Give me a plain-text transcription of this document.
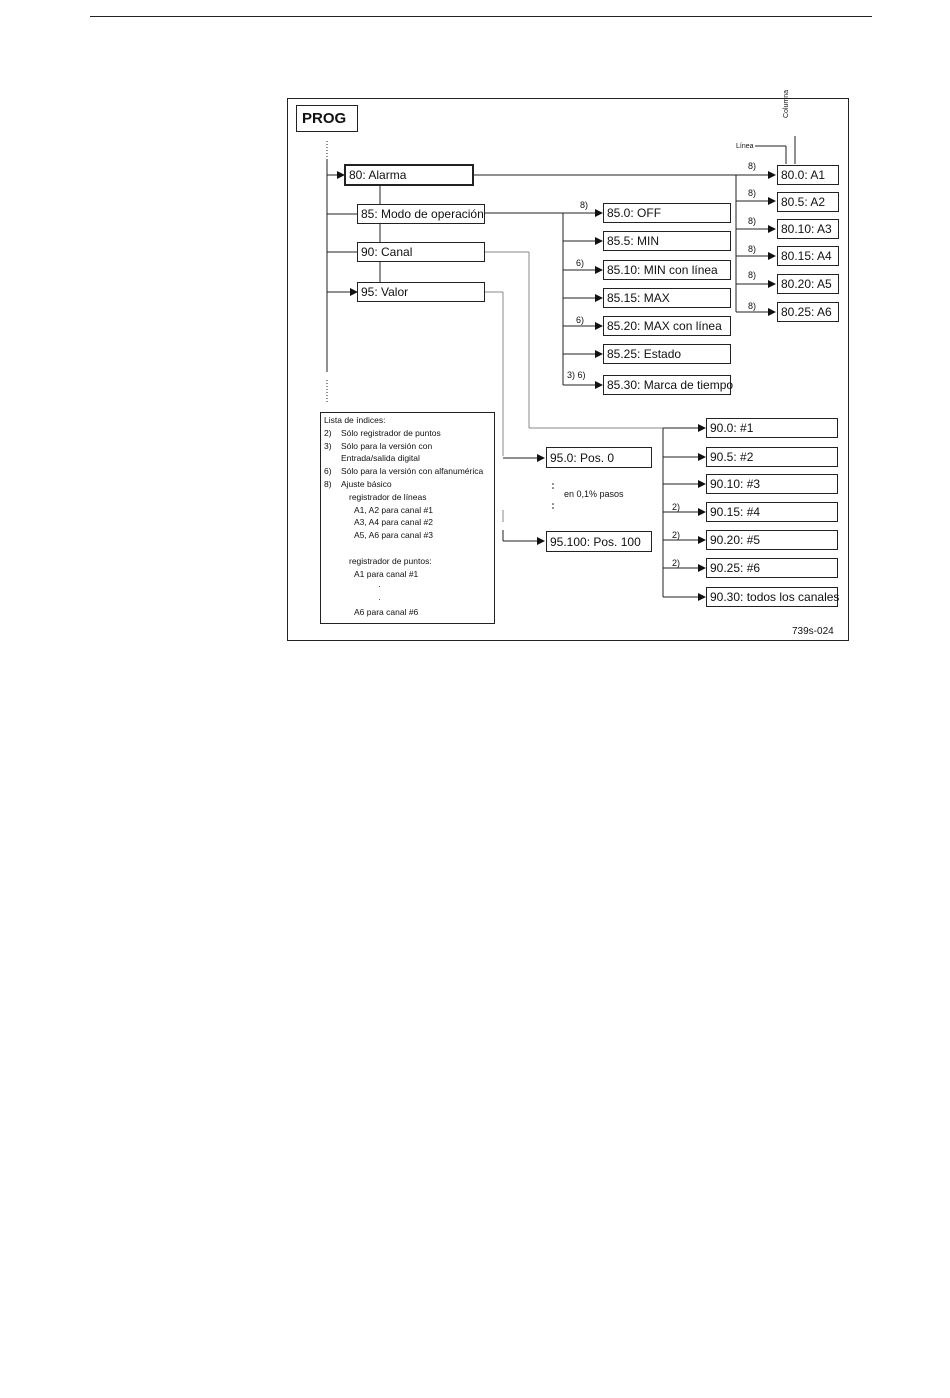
PROG
Columna
Línea
80: Alarma
85: Modo de operación
90: Canal
95: Valor
80.0: A1
80.5: A2
80.10: A3
80.15: A4
80.20: A5
80.25: A6
8)
8)
8)
8)
8)
8)
85.0: OFF
85.5: MIN
85.10: MIN con línea
85.15: MAX
85.20: MAX con línea
85.25: Estado
85.30: Marca de tiempo
8)
6)
6)
3) 6)
90.0: #1
90.5: #2
90.10: #3
90.15: #4
90.20: #5
90.25: #6
90.30: todos los canales
2)
2)
2)
95.0: Pos. 0
95.100: Pos. 100
en 0,1% pasos
Lista de índices:
2)	Sólo registrador de puntos
3)	Sólo para la versión con
Entrada/salida digital
6)	Sólo para la versión con alfanumérica
8)	Ajuste básico
registrador de líneas
A1, A2 para canal #1
A3, A4 para canal #2
A5, A6 para canal #3
registrador de puntos:
A1 para canal #1
·
·
A6 para canal #6
739s-024
